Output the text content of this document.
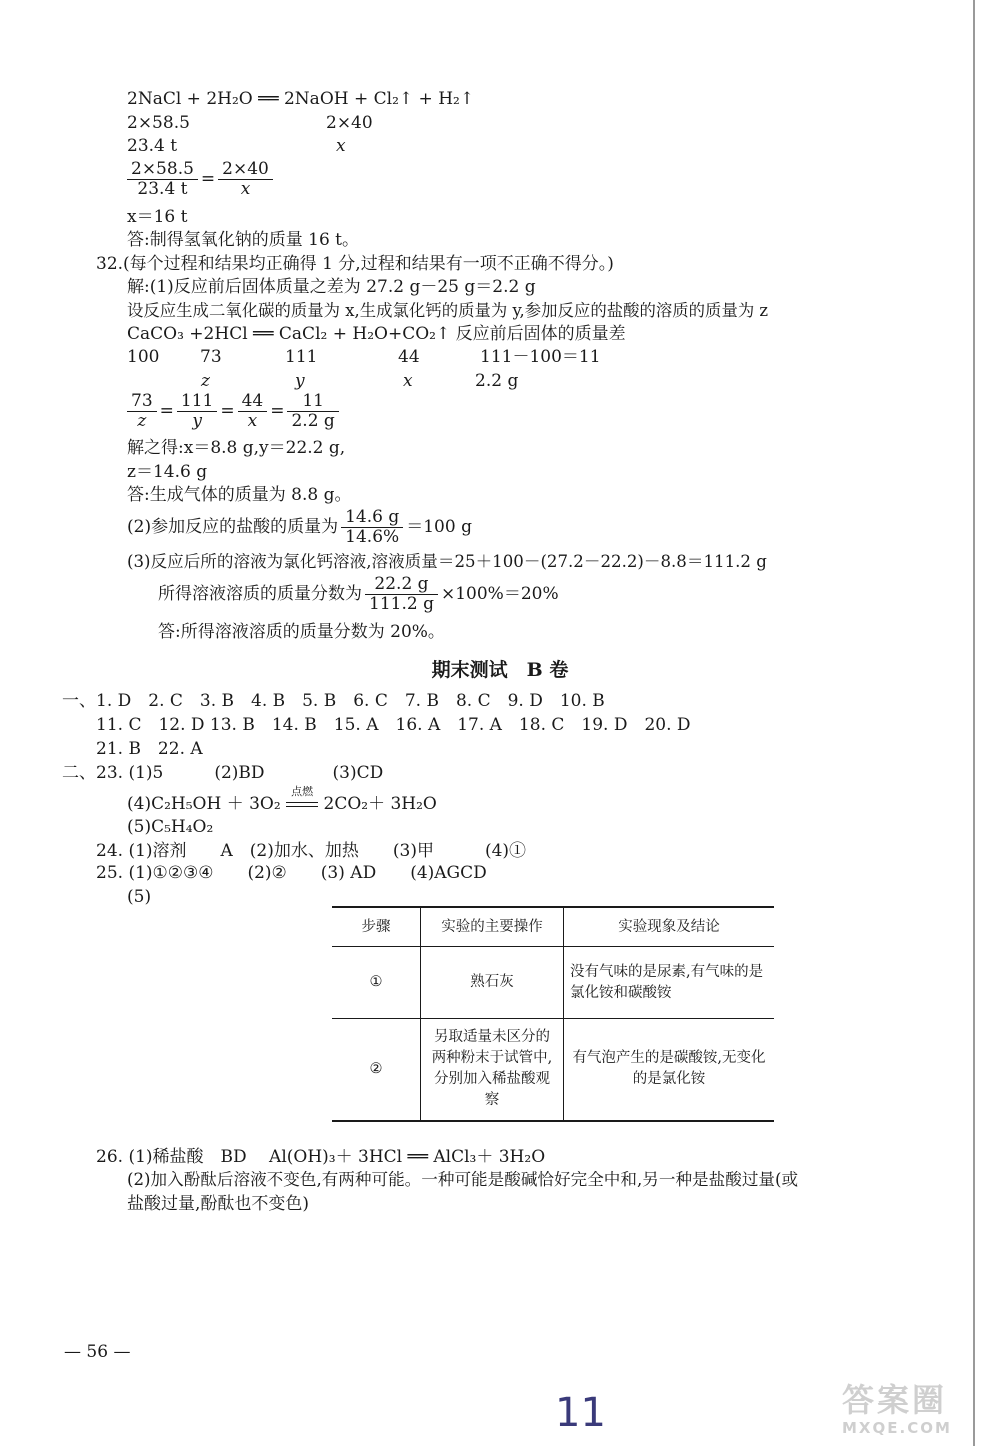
2NaCl + 2H₂O ══ 2NaOH + Cl₂↑ + H₂↑
2×58.5	2×40
23.4 t	x
$\frac{2\times 58.5}{23.4 t} = \frac{2\times 40}{x}$
x＝16 t
答:制得氢氧化钠的质量 16 t。
32.(每个过程和结果均正确得 1 分,过程和结果有一项不正确不得分。)
解:(1)反应前后固体质量之差为 27.2 g－25 g＝2.2 g
设反应生成二氧化碳的质量为 x,生成氯化钙的质量为 y,参加反应的盐酸的溶质的质量为 z
CaCO₃ +2HCl ══ CaCl₂ + H₂O+CO₂↑ 反应前后固体的质量差
100 73	111	44	111－100＝11
z	y	x	2.2 g
$\frac{73}{z} = \frac{111}{y} = \frac{44}{x} = \frac{11}{2.2 g}$
解之得:x＝8.8 g,y＝22.2 g,
z＝14.6 g
答:生成气体的质量为 8.8 g。
(2)参加反应的盐酸的质量为 $\frac{14.6 g}{14.6\%} =100$ g
(3)反应后所的溶液为氯化钙溶液,溶液质量＝25＋100－(27.2－22.2)－8.8＝111.2 g
所得溶液溶质的质量分数为 $\frac{22.2 g}{111.2 g} \times 100\%=20\%$
答:所得溶液溶质的质量分数为 20%。
期末测试　B 卷
一、1. D　2. C　3. B　4. B　5. B　6. C　7. B　8. C　9. D　10. B
11. C　12. D 13. B　14. B　15. A　16. A　17. A　18. C　19. D　20. D
21. B　22. A
二、23. (1)5　　　(2)BD　　　　(3)CD
(4)C₂H₅OH ＋ 3O₂
点燃
2CO₂＋ 3H₂O
(5)C₅H₄O₂
24. (1)溶剂　　A　(2)加水、加热　　(3)甲　　　(4)①
25. (1)①②③④　　(2)②　　(3) AD　　(4)AGCD
(5)
步骤	实验的主要操作	实验现象及结论
①	熟石灰	没有气味的是尿素,有气味的是氯化铵和碳酸铵
②	另取适量未区分的两种粉末于试管中,分别加入稀盐酸观察	有气泡产生的是碳酸铵,无变化的是氯化铵
26. (1)稀盐酸　BD　 Al(OH)₃＋ 3HCl ══ AlCl₃＋ 3H₂O
(2)加入酚酞后溶液不变色,有两种可能。一种可能是酸碱恰好完全中和,另一种是盐酸过量(或
盐酸过量,酚酞也不变色)
— 56 —
11	答案圈
MXQE.COM
